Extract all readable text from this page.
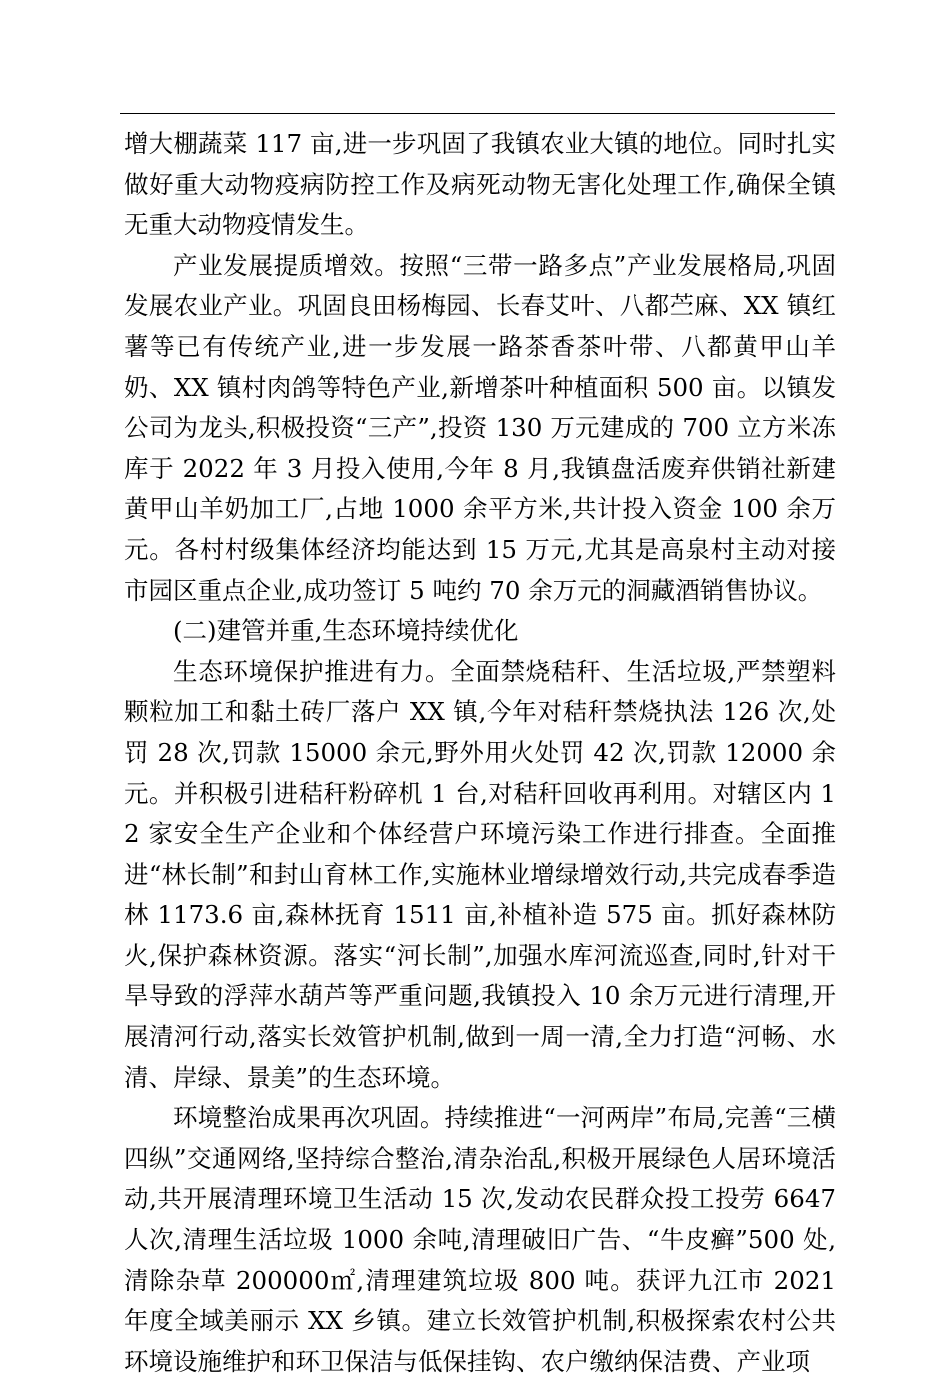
增大棚蔬菜 117 亩,进一步巩固了我镇农业大镇的地位。同时扎实做好重大动物疫病防控工作及病死动物无害化处理工作,确保全镇无重大动物疫情发生。

产业发展提质增效。按照“三带一路多点”产业发展格局,巩固发展农业产业。巩固良田杨梅园、长春艾叶、八都苎麻、XX 镇红薯等已有传统产业,进一步发展一路茶香茶叶带、八都黄甲山羊奶、XX 镇村肉鸽等特色产业,新增茶叶种植面积 500 亩。以镇发公司为龙头,积极投资“三产”,投资 130 万元建成的 700 立方米冻库于 2022 年 3 月投入使用,今年 8 月,我镇盘活废弃供销社新建黄甲山羊奶加工厂,占地 1000 余平方米,共计投入资金 100 余万元。各村村级集体经济均能达到 15 万元,尤其是高泉村主动对接市园区重点企业,成功签订 5 吨约 70 余万元的洞藏酒销售协议。

(二)建管并重,生态环境持续优化

生态环境保护推进有力。全面禁烧秸秆、生活垃圾,严禁塑料颗粒加工和黏土砖厂落户 XX 镇,今年对秸秆禁烧执法 126 次,处罚 28 次,罚款 15000 余元,野外用火处罚 42 次,罚款 12000 余元。并积极引进秸秆粉碎机 1 台,对秸秆回收再利用。对辖区内 12 家安全生产企业和个体经营户环境污染工作进行排查。全面推进“林长制”和封山育林工作,实施林业增绿增效行动,共完成春季造林 1173.6 亩,森林抚育 1511 亩,补植补造 575 亩。抓好森林防火,保护森林资源。落实“河长制”,加强水库河流巡查,同时,针对干旱导致的浮萍水葫芦等严重问题,我镇投入 10 余万元进行清理,开展清河行动,落实长效管护机制,做到一周一清,全力打造“河畅、水清、岸绿、景美”的生态环境。

环境整治成果再次巩固。持续推进“一河两岸”布局,完善“三横四纵”交通网络,坚持综合整治,清杂治乱,积极开展绿色人居环境活动,共开展清理环境卫生活动 15 次,发动农民群众投工投劳 6647 人次,清理生活垃圾 1000 余吨,清理破旧广告、“牛皮癣”500 处,清除杂草 200000㎡,清理建筑垃圾 800 吨。获评九江市 2021 年度全域美丽示 XX 乡镇。建立长效管护机制,积极探索农村公共环境设施维护和环卫保洁与低保挂钩、农户缴纳保洁费、产业项
